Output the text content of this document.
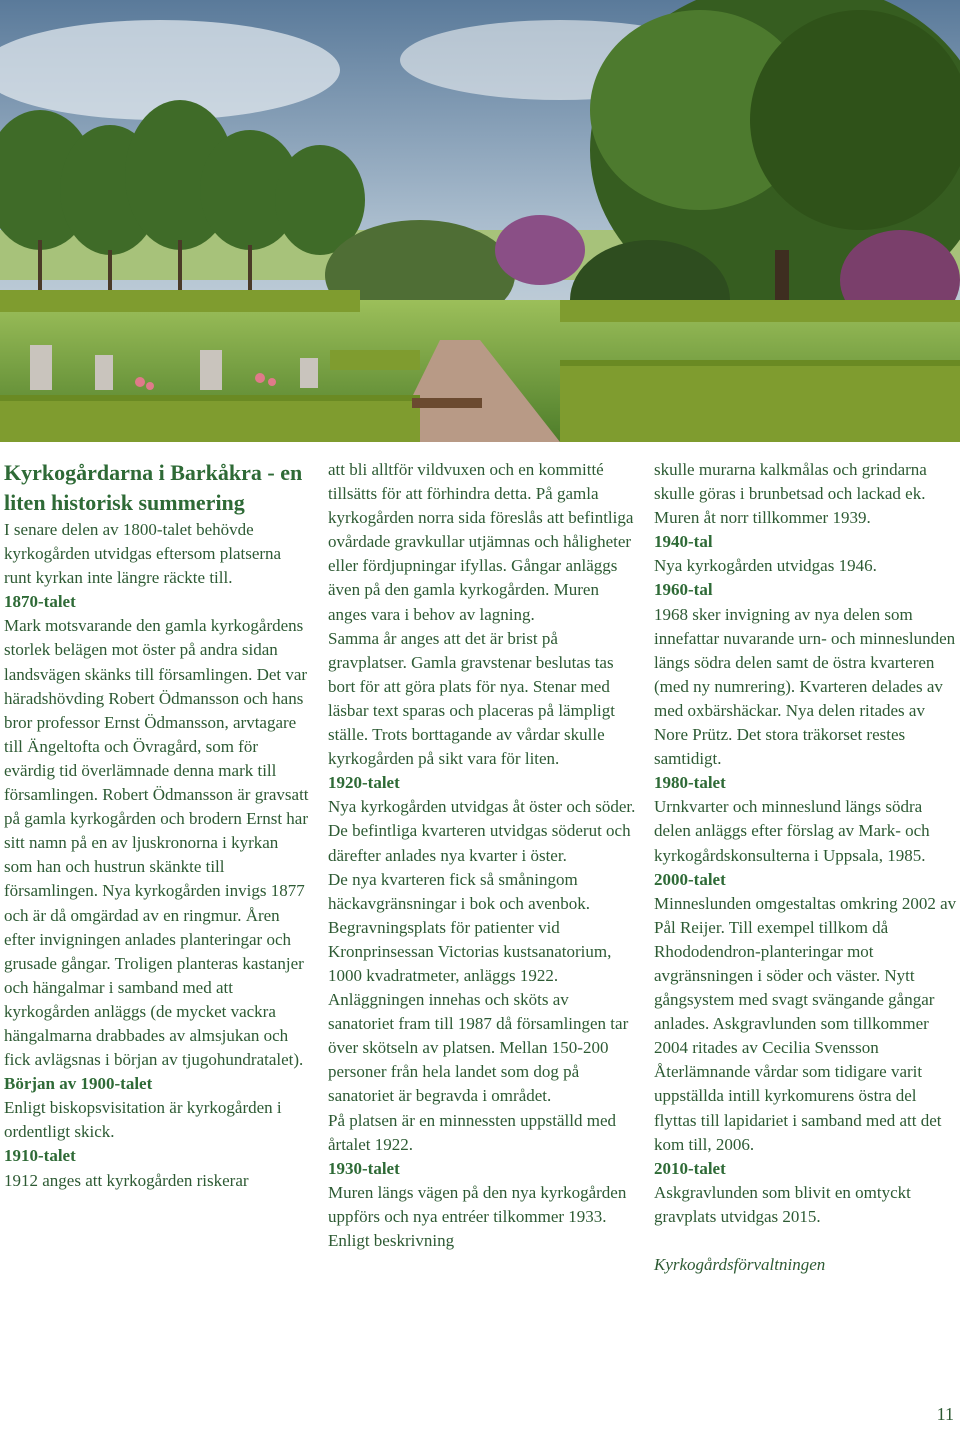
Kyrkogårdarna i Barkåkra - en liten historisk summering

I senare delen av 1800-talet behövde kyrkogården utvidgas eftersom platserna runt kyrkan inte längre räckte till.

1870-talet

Mark motsvarande den gamla kyrkogårdens storlek belägen mot öster på andra sidan landsvägen skänks till församlingen. Det var häradshövding Robert Ödmansson och hans bror professor Ernst Ödmansson, arvtagare till Ängeltofta och Övragård, som för evärdig tid överlämnade denna mark till församlingen. Robert Ödmansson är gravsatt på gamla kyrkogården och brodern Ernst har sitt namn på en av ljuskronorna i kyrkan som han och hustrun skänkte till församlingen. Nya kyrkogården invigs 1877 och är då omgärdad av en ringmur. Åren efter invigningen anlades planteringar och grusade gångar. Troligen planteras kastanjer och hängalmar i samband med att kyrkogården anläggs (de mycket vackra hängalmarna drabbades av almsjukan och fick avlägsnas i början av tjugohundratalet).

Början av 1900-talet

Enligt biskopsvisitation är kyrkogården i ordentligt skick.

1910-talet

1912 anges att kyrkogården riskerar

att bli alltför vildvuxen och en kommitté tillsätts för att förhindra detta. På gamla kyrkogården norra sida föreslås att befintliga ovårdade gravkullar utjämnas och håligheter eller fördjupningar ifyllas. Gångar anläggs även på den gamla kyrkogården. Muren anges vara i behov av lagning.

Samma år anges att det är brist på gravplatser. Gamla gravstenar beslutas tas bort för att göra plats för nya. Stenar med läsbar text sparas och placeras på lämpligt ställe. Trots borttagande av vårdar skulle kyrkogården på sikt vara för liten.

1920-talet

Nya kyrkogården utvidgas åt öster och söder. De befintliga kvarteren utvidgas söderut och därefter anlades nya kvarter i öster.

De nya kvarteren fick så småningom häckavgränsningar i bok och avenbok.

Begravningsplats för patienter vid Kronprinsessan Victorias kustsanatorium, 1000 kvadratmeter, anläggs 1922. Anläggningen innehas och sköts av sanatoriet fram till 1987 då församlingen tar över skötseln av platsen. Mellan 150-200 personer från hela landet som dog på sanatoriet är begravda i området.

På platsen är en minnessten uppställd med årtalet 1922.

1930-talet

Muren längs vägen på den nya kyrkogården uppförs och nya entréer tilkommer 1933. Enligt beskrivning

skulle murarna kalkmålas och grindarna skulle göras i brunbetsad och lackad ek. Muren åt norr tillkommer 1939.

1940-tal

Nya kyrkogården utvidgas 1946.

1960-tal

1968 sker invigning av nya delen som innefattar nuvarande urn- och minneslunden längs södra delen samt de östra kvarteren (med ny numrering). Kvarteren delades av med oxbärshäckar. Nya delen ritades av Nore Prütz. Det stora träkorset restes samtidigt.

1980-talet

Urnkvarter och minneslund längs södra delen anläggs efter förslag av Mark- och kyrkogårdskonsulterna i Uppsala, 1985.

2000-talet

Minneslunden omgestaltas omkring 2002 av Pål Reijer. Till exempel tillkom då Rhododendron-planteringar mot avgränsningen i söder och väster. Nytt gångsystem med svagt svängande gångar anlades. Askgravlunden som tillkommer 2004 ritades av Cecilia Svensson

Återlämnande vårdar som tidigare varit uppställda intill kyrkomurens östra del flyttas till lapidariet i samband med att det kom till, 2006.

2010-talet

Askgravlunden som blivit en omtyckt gravplats utvidgas 2015.

Kyrkogårdsförvaltningen

11
